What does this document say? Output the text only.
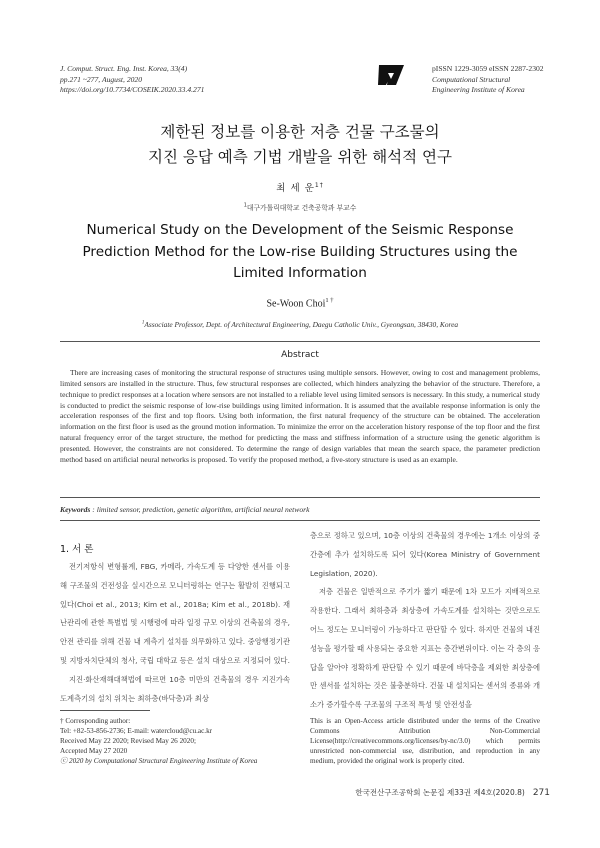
J. Comput. Struct. Eng. Inst. Korea, 33(4)
pp.271 ~277, August, 2020
https://doi.org/10.7734/COSEIK.2020.33.4.271
pISSN 1229-3059 eISSN 2287-2302
Computational Structural
Engineering Institute of Korea
제한된 정보를 이용한 저층 건물 구조물의
지진 응답 예측 기법 개발을 위한 해석적 연구
최 세 운$^{1\dagger}$
$^1$대구가톨릭대학교 건축공학과 부교수
Numerical Study on the Development of the Seismic Response
Prediction Method for the Low-rise Building Structures using the
Limited Information
Se-Woon Choi$^{1 \dagger}$
$^1$Associate Professor, Dept. of Architectural Engineering, Daegu Catholic Univ., Gyeongsan, 38430, Korea
Abstract
There are increasing cases of monitoring the structural response of structures using multiple sensors. However, owing to cost and management problems, limited sensors are installed in the structure. Thus, few structural responses are collected, which hinders analyzing the behavior of the structure. Therefore, a technique to predict responses at a location where sensors are not installed to a reliable level using limited sensors is necessary. In this study, a numerical study is conducted to predict the seismic response of low-rise buildings using limited information. It is assumed that the available response information is only the acceleration responses of the first and top floors. Using both information, the first natural frequency of the structure can be obtained. The acceleration information on the first floor is used as the ground motion information. To minimize the error on the acceleration history response of the top floor and the first natural frequency error of the target structure, the method for predicting the mass and stiffness information of a structure using the genetic algorithm is presented. However, the constraints are not considered. To determine the range of design variables that mean the search space, the parameter prediction method based on artificial neural networks is proposed. To verify the proposed method, a five-story structure is used as an example.
Keywords : limited sensor, prediction, genetic algorithm, artificial neural network
1. 서 론

전기저항식 변형률계, FBG, 카메라, 가속도계 등 다양한 센서를 이용해 구조물의 건전성을 실시간으로 모니터링하는 연구는 활발히 진행되고 있다(Choi et al., 2013; Kim et al., 2018a; Kim et al., 2018b). 재난관리에 관한 특별법 및 시행령에 따라 일정 규모 이상의 건축물의 경우, 안전 관리를 위해 건물 내 계측기 설치를 의무화하고 있다. 중앙행정기관 및 지방자치단체의 청사, 국립 대학교 등은 설치 대상으로 지정되어 있다.

지진·화산재해대책법에 따르면 10층 미만의 건축물의 경우 지진가속도계측기의 설치 위치는 최하층(바닥층)과 최상

층으로 정하고 있으며, 10층 이상의 건축물의 경우에는 1개소 이상의 중간층에 추가 설치하도록 되어 있다(Korea Ministry of Government Legislation, 2020).

저층 건물은 일반적으로 주기가 짧기 때문에 1차 모드가 지배적으로 작용한다. 그래서 최하층과 최상층에 가속도계를 설치하는 것만으로도 어느 정도는 모니터링이 가능하다고 판단할 수 있다. 하지만 건물의 내진성능을 평가할 때 사용되는 중요한 지표는 층간변위이다. 이는 각 층의 응답을 알아야 정확하게 판단할 수 있기 때문에 바닥층을 제외한 최상층에만 센서를 설치하는 것은 불충분하다. 건물 내 설치되는 센서의 종류와 개소가 증가할수록 구조물의 구조적 특성 및 안전성을

† Corresponding author:
Tel: +82-53-856-2736; E-mail: watercloud@cu.ac.kr
Received May 22 2020; Revised May 26 2020;
Accepted May 27 2020
ⓒ 2020 by Computational Structural Engineering Institute of Korea
This is an Open-Access article distributed under the terms of the Creative Commons Attribution Non-Commercial License(http://creativecommons.org/licenses/by-nc/3.0) which permits unrestricted non-commercial use, distribution, and reproduction in any medium, provided the original work is properly cited.
한국전산구조공학회 논문집 제33권 제4호(2020.8) 271
